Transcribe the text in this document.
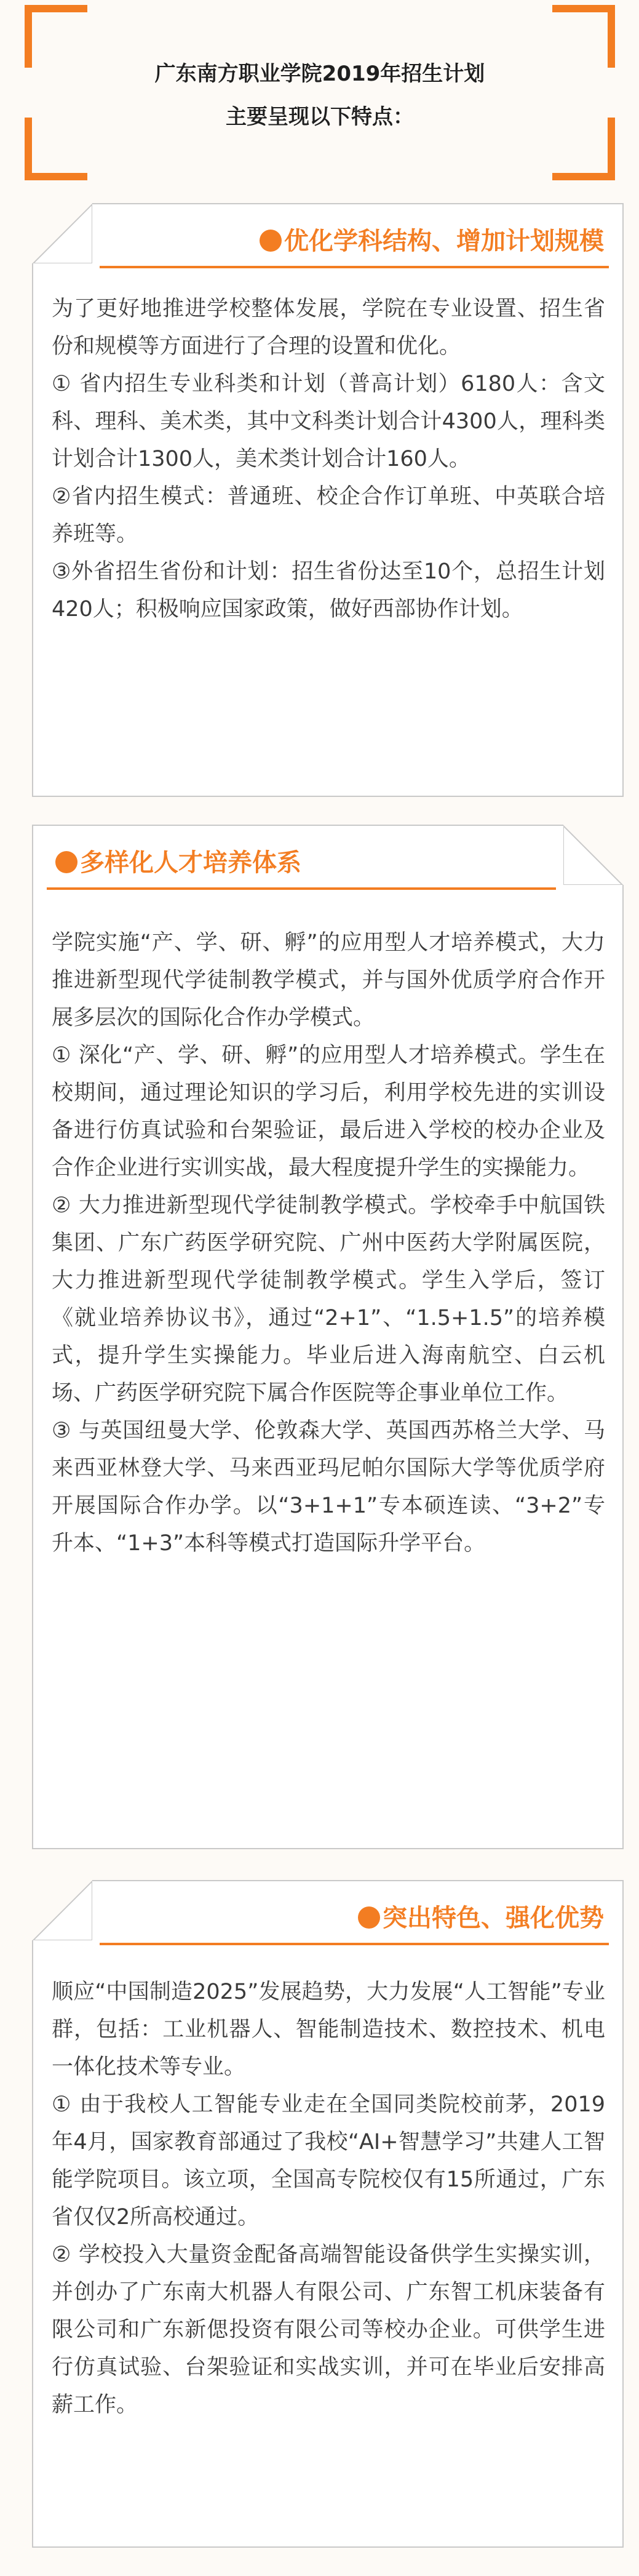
广东南方职业学院2019年招生计划
主要呈现以下特点：
优化学科结构、增加计划规模

为了更好地推进学校整体发展，学院在专业设置、招生省份和规模等方面进行了合理的设置和优化。

① 省内招生专业科类和计划（普高计划）6180人：含文科、理科、美术类，其中文科类计划合计4300人，理科类计划合计1300人，美术类计划合计160人。

②省内招生模式：普通班、校企合作订单班、中英联合培养班等。

③外省招生省份和计划：招生省份达至10个，总招生计划420人；积极响应国家政策，做好西部协作计划。

多样化人才培养体系

学院实施“产、学、研、孵”的应用型人才培养模式，大力推进新型现代学徒制教学模式，并与国外优质学府合作开展多层次的国际化合作办学模式。

① 深化“产、学、研、孵”的应用型人才培养模式。学生在校期间，通过理论知识的学习后，利用学校先进的实训设备进行仿真试验和台架验证，最后进入学校的校办企业及合作企业进行实训实战，最大程度提升学生的实操能力。

② 大力推进新型现代学徒制教学模式。学校牵手中航国铁集团、广东广药医学研究院、广州中医药大学附属医院，大力推进新型现代学徒制教学模式。学生入学后，签订《就业培养协议书》，通过“2+1”、“1.5+1.5”的培养模式，提升学生实操能力。毕业后进入海南航空、白云机场、广药医学研究院下属合作医院等企事业单位工作。

③ 与英国纽曼大学、伦敦森大学、英国西苏格兰大学、马来西亚林登大学、马来西亚玛尼帕尔国际大学等优质学府开展国际合作办学。以“3+1+1”专本硕连读、“3+2”专升本、“1+3”本科等模式打造国际升学平台。

突出特色、强化优势

顺应“中国制造2025”发展趋势，大力发展“人工智能”专业群，包括：工业机器人、智能制造技术、数控技术、机电一体化技术等专业。

① 由于我校人工智能专业走在全国同类院校前茅，2019年4月，国家教育部通过了我校“AI+智慧学习”共建人工智能学院项目。该立项，全国高专院校仅有15所通过，广东省仅仅2所高校通过。

② 学校投入大量资金配备高端智能设备供学生实操实训，并创办了广东南大机器人有限公司、广东智工机床装备有限公司和广东新偲投资有限公司等校办企业。可供学生进行仿真试验、台架验证和实战实训，并可在毕业后安排高薪工作。
